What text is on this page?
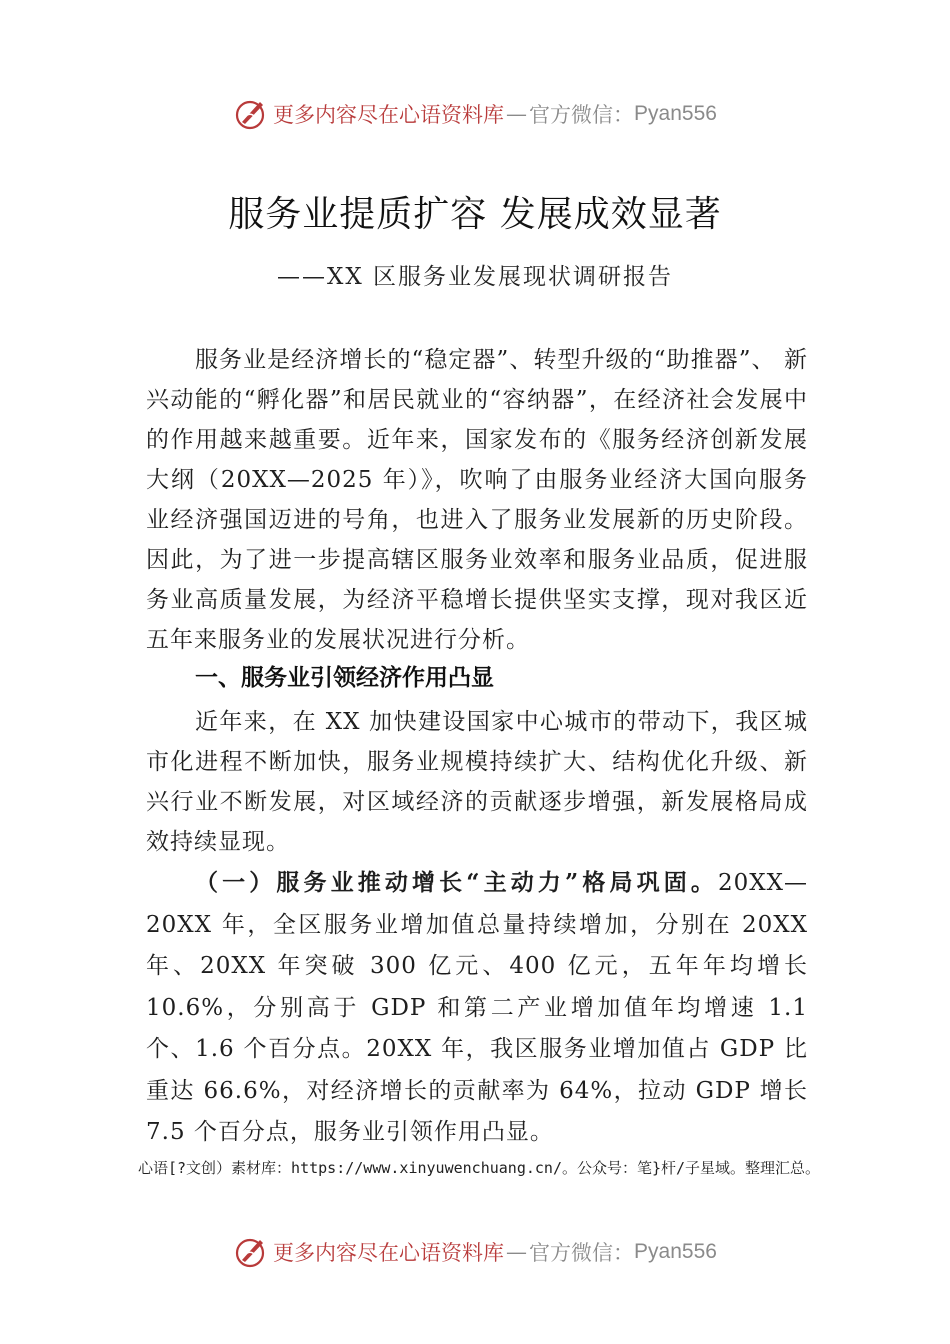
更多内容尽在心语资料库 — 官方微信： Pyan556
服务业提质扩容 发展成效显著
——XX 区服务业发展现状调研报告
服务业是经济增长的“稳定器”、转型升级的“助推器”、 新兴动能的“孵化器”和居民就业的“容纳器”，在经济社会发展中的作用越来越重要。近年来，国家发布的《服务经济创新发展大纲（20XX—2025 年）》，吹响了由服务业经济大国向服务业经济强国迈进的号角，也进入了服务业发展新的历史阶段。因此，为了进一步提高辖区服务业效率和服务业品质，促进服务业高质量发展，为经济平稳增长提供坚实支撑，现对我区近五年来服务业的发展状况进行分析。
一、服务业引领经济作用凸显
近年来，在 XX 加快建设国家中心城市的带动下，我区城市化进程不断加快，服务业规模持续扩大、结构优化升级、新兴行业不断发展，对区域经济的贡献逐步增强，新发展格局成效持续显现。
（一）服务业推动增长“主动力”格局巩固。20XX—20XX 年，全区服务业增加值总量持续增加，分别在 20XX 年、20XX 年突破 300 亿元、400 亿元，五年年均增长 10.6%，分别高于 GDP 和第二产业增加值年均增速 1.1 个、1.6 个百分点。20XX 年，我区服务业增加值占 GDP 比重达 66.6%，对经济增长的贡献率为 64%，拉动 GDP 增长 7.5 个百分点，服务业引领作用凸显。
心语[?文创）素材库：https://www.xinyuwenchuang.cn/。公众号：笔}杆/子星域。整理汇总。
更多内容尽在心语资料库 — 官方微信： Pyan556
